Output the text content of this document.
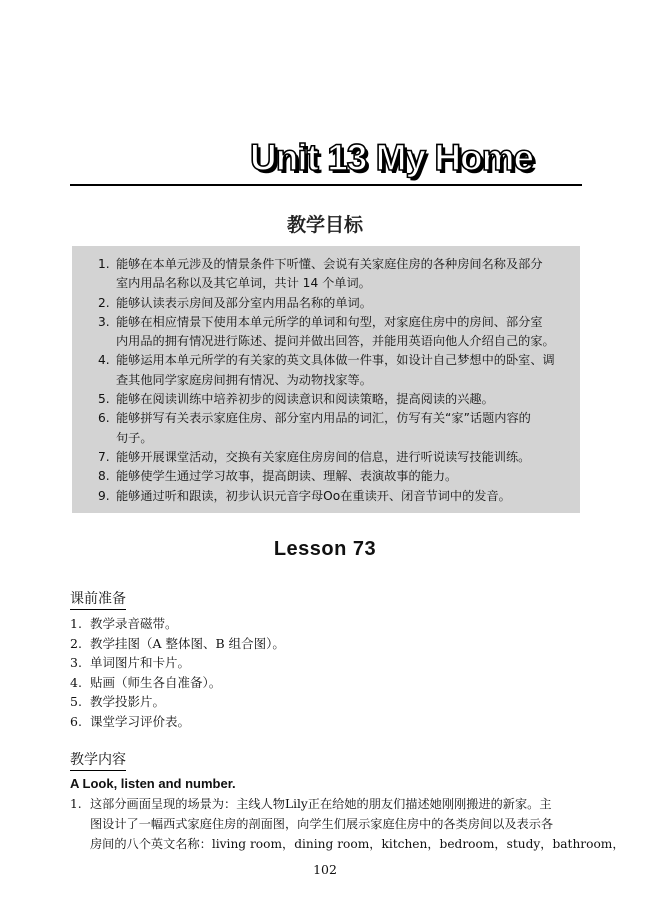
Unit 13 My Home
教学目标
1. 能够在本单元涉及的情景条件下听懂、会说有关家庭住房的各种房间名称及部分
室内用品名称以及其它单词，共计 14 个单词。
2. 能够认读表示房间及部分室内用品名称的单词。
3. 能够在相应情景下使用本单元所学的单词和句型，对家庭住房中的房间、部分室
内用品的拥有情况进行陈述、提问并做出回答，并能用英语向他人介绍自己的家。
4. 能够运用本单元所学的有关家的英文具体做一件事，如设计自己梦想中的卧室、调
查其他同学家庭房间拥有情况、为动物找家等。
5. 能够在阅读训练中培养初步的阅读意识和阅读策略，提高阅读的兴趣。
6. 能够拼写有关表示家庭住房、部分室内用品的词汇，仿写有关“家”话题内容的
句子。
7. 能够开展课堂活动，交换有关家庭住房房间的信息，进行听说读写技能训练。
8. 能够使学生通过学习故事，提高朗读、理解、表演故事的能力。
9. 能够通过听和跟读，初步认识元音字母Oo在重读开、闭音节词中的发音。
Lesson 73
课前准备
1. 教学录音磁带。
2. 教学挂图（A 整体图、B 组合图）。
3. 单词图片和卡片。
4. 贴画（师生各自准备）。
5. 教学投影片。
6. 课堂学习评价表。
教学内容
A Look, listen and number.
1. 这部分画面呈现的场景为：主线人物Lily正在给她的朋友们描述她刚刚搬进的新家。主
图设计了一幅西式家庭住房的剖面图，向学生们展示家庭住房中的各类房间以及表示各
房间的八个英文名称：living room，dining room，kitchen，bedroom，study，bathroom，
102
